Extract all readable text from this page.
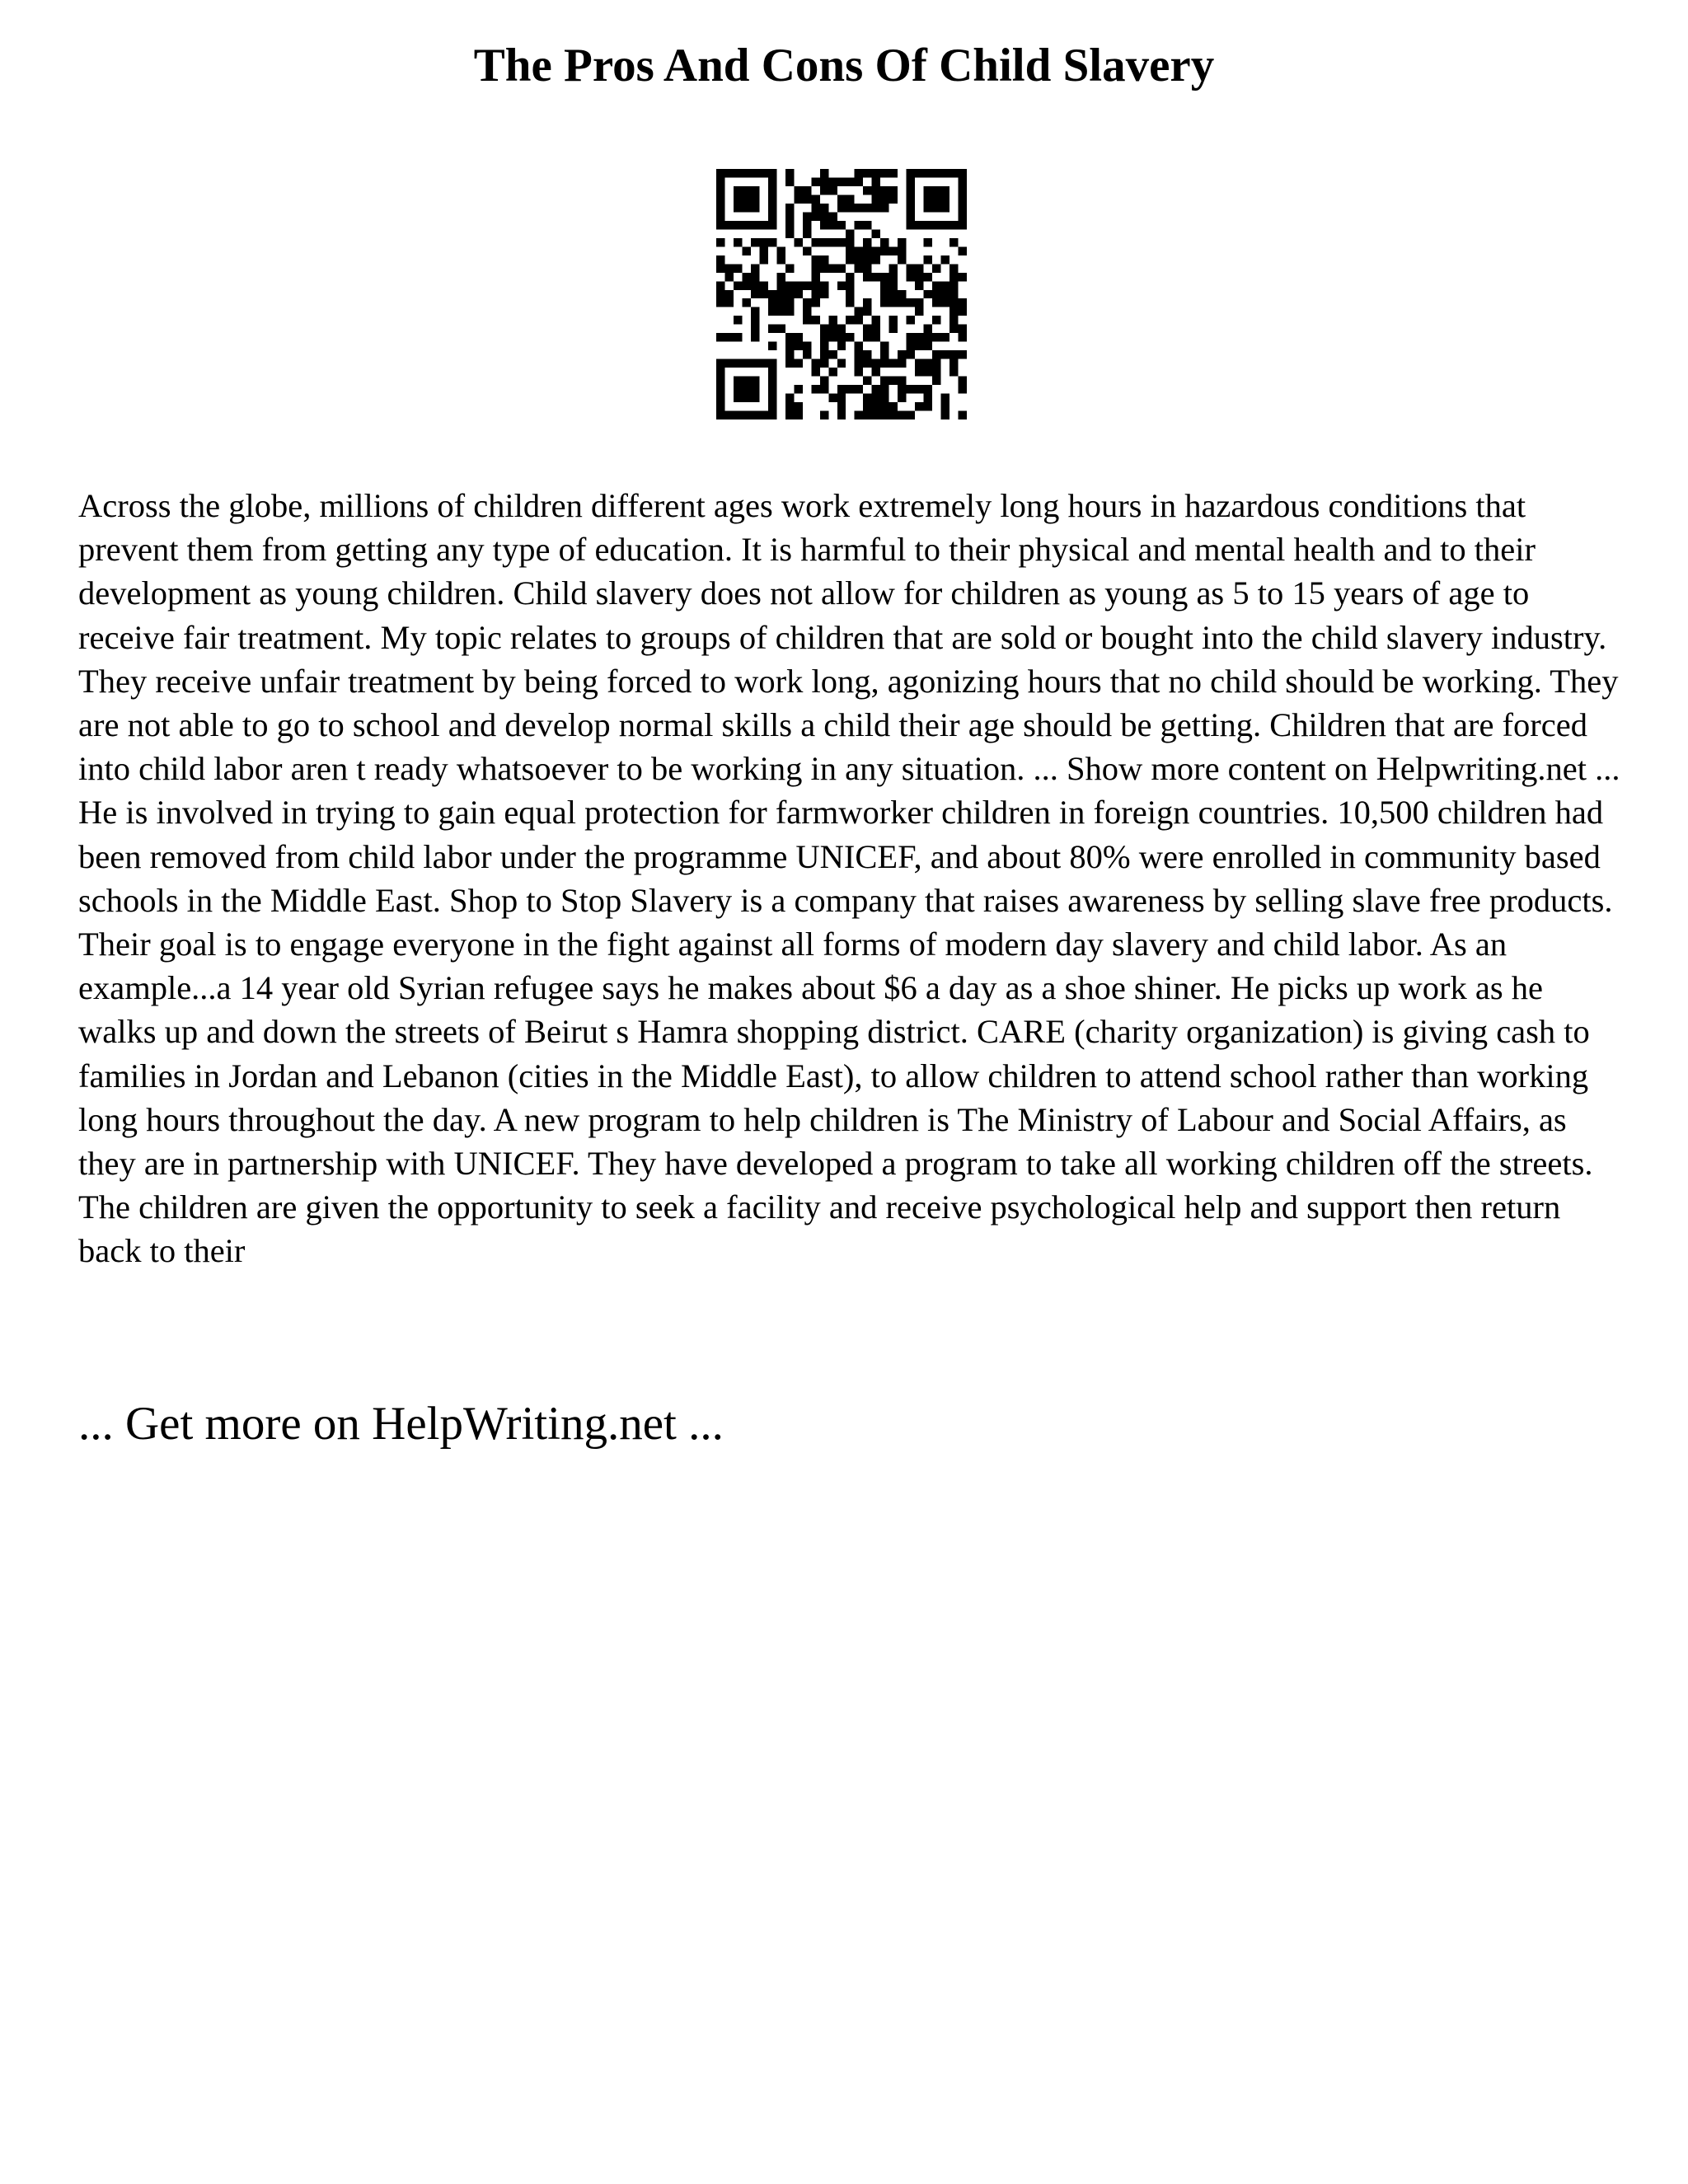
The Pros And Cons Of Child Slavery

Across the globe, millions of children different ages work extremely long hours in hazardous conditions that prevent them from getting any type of education. It is harmful to their physical and mental health and to their development as young children. Child slavery does not allow for children as young as 5 to 15 years of age to receive fair treatment. My topic relates to groups of children that are sold or bought into the child slavery industry. They receive unfair treatment by being forced to work long, agonizing hours that no child should be working. They are not able to go to school and develop normal skills a child their age should be getting. Children that are forced into child labor aren t ready whatsoever to be working in any situation. ... Show more content on Helpwriting.net ...

He is involved in trying to gain equal protection for farmworker children in foreign countries. 10,500 children had been removed from child labor under the programme UNICEF, and about 80% were enrolled in community based schools in the Middle East. Shop to Stop Slavery is a company that raises awareness by selling slave free products. Their goal is to engage everyone in the fight against all forms of modern day slavery and child labor. As an example...a 14 year old Syrian refugee says he makes about $6 a day as a shoe shiner. He picks up work as he walks up and down the streets of Beirut s Hamra shopping district. CARE (charity organization) is giving cash to families in Jordan and Lebanon (cities in the Middle East), to allow children to attend school rather than working long hours throughout the day. A new program to help children is The Ministry of Labour and Social Affairs, as they are in partnership with UNICEF. They have developed a program to take all working children off the streets. The children are given the opportunity to seek a facility and receive psychological help and support then return back to their

... Get more on HelpWriting.net ...
